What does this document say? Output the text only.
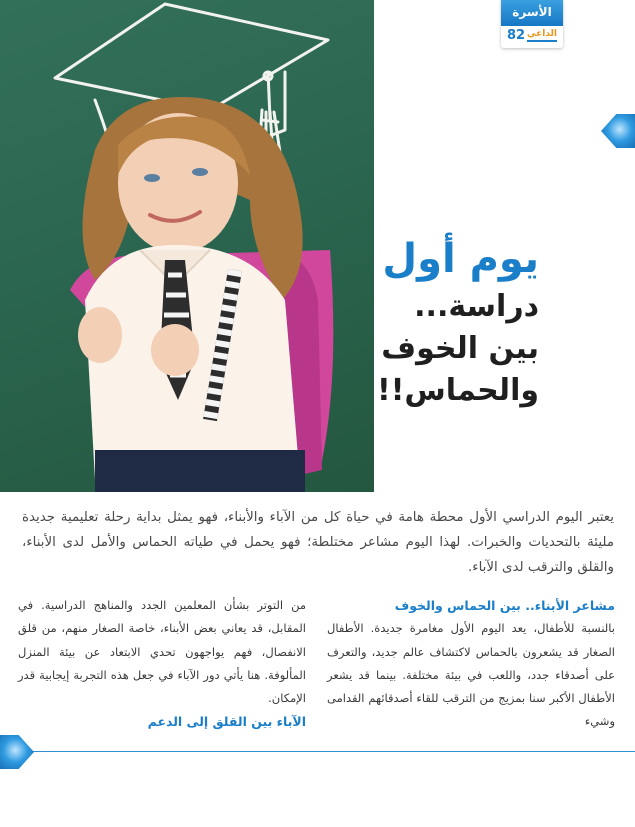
الأسرة
82 الداعي
يوم أول
دراسة...
بين الخوف
والحماس!!
يعتبر اليوم الدراسي الأول محطة هامة في حياة كل من الآباء والأبناء، فهو يمثل بداية رحلة تعليمية جديدة مليئة بالتحديات والخبرات. لهذا اليوم مشاعر مختلطة؛ فهو يحمل في طياته الحماس والأمل لدى الأبناء، والقلق والترقب لدى الآباء.
مشاعر الأبناء.. بين الحماس والخوف
بالنسبة للأطفال، يعد اليوم الأول مغامرة جديدة. الأطفال الصغار قد يشعرون بالحماس لاكتشاف عالم جديد، والتعرف على أصدقاء جدد، واللعب في بيئة مختلفة. بينما قد يشعر الأطفال الأكبر سنا بمزيج من الترقب للقاء أصدقائهم القدامى وشيء
من التوتر بشأن المعلمين الجدد والمناهج الدراسية. في المقابل، قد يعاني بعض الأبناء، خاصة الصغار منهم، من قلق الانفصال، فهم يواجهون تحدي الابتعاد عن بيئة المنزل المألوفة. هنا يأتي دور الآباء في جعل هذه التجربة إيجابية قدر الإمكان.
الآباء بين القلق إلى الدعم
